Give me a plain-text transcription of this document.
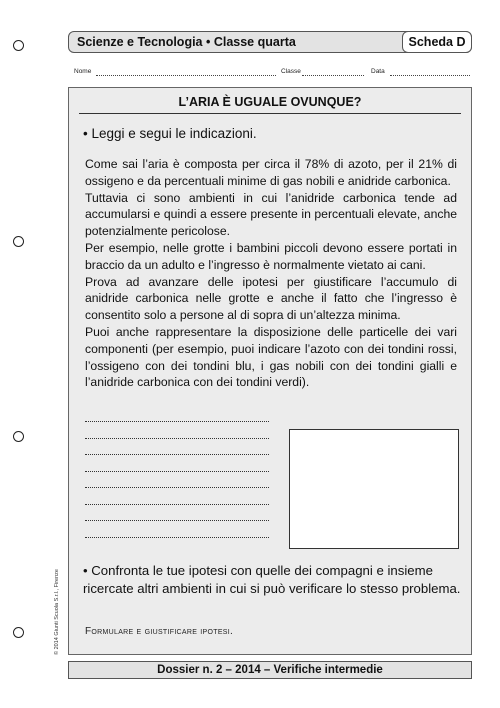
Scienze e Tecnologia • Classe quarta	Scheda D
Nome	Classe	Data
L’ARIA È UGUALE OVUNQUE?
• Leggi e segui le indicazioni.

Come sai l’aria è composta per circa il 78% di azoto, per il 21% di ossigeno e da percentuali minime di gas nobili e anidride carbonica.

Tuttavia ci sono ambienti in cui l’anidride carbonica tende ad accumularsi e quindi a essere presente in percentuali elevate, anche potenzialmente pericolose.

Per esempio, nelle grotte i bambini piccoli devono essere portati in braccio da un adulto e l’ingresso è normalmente vietato ai cani.

Prova ad avanzare delle ipotesi per giustificare l’accumulo di anidride carbonica nelle grotte e anche il fatto che l’ingresso è consentito solo a persone al di sopra di un’altezza minima.

Puoi anche rappresentare la disposizione delle particelle dei vari componenti (per esempio, puoi indicare l’azoto con dei tondini rossi, l’ossigeno con dei tondini blu, i gas nobili con dei tondini gialli e l’anidride carbonica con dei tondini verdi).

• Confronta le tue ipotesi con quelle dei compagni e insieme ricercate altri ambienti in cui si può verificare lo stesso problema.
Formulare e giustificare ipotesi.
© 2014 Giunti Scuola S.r.l., Firenze
Dossier n. 2 – 2014 – Verifiche intermedie
